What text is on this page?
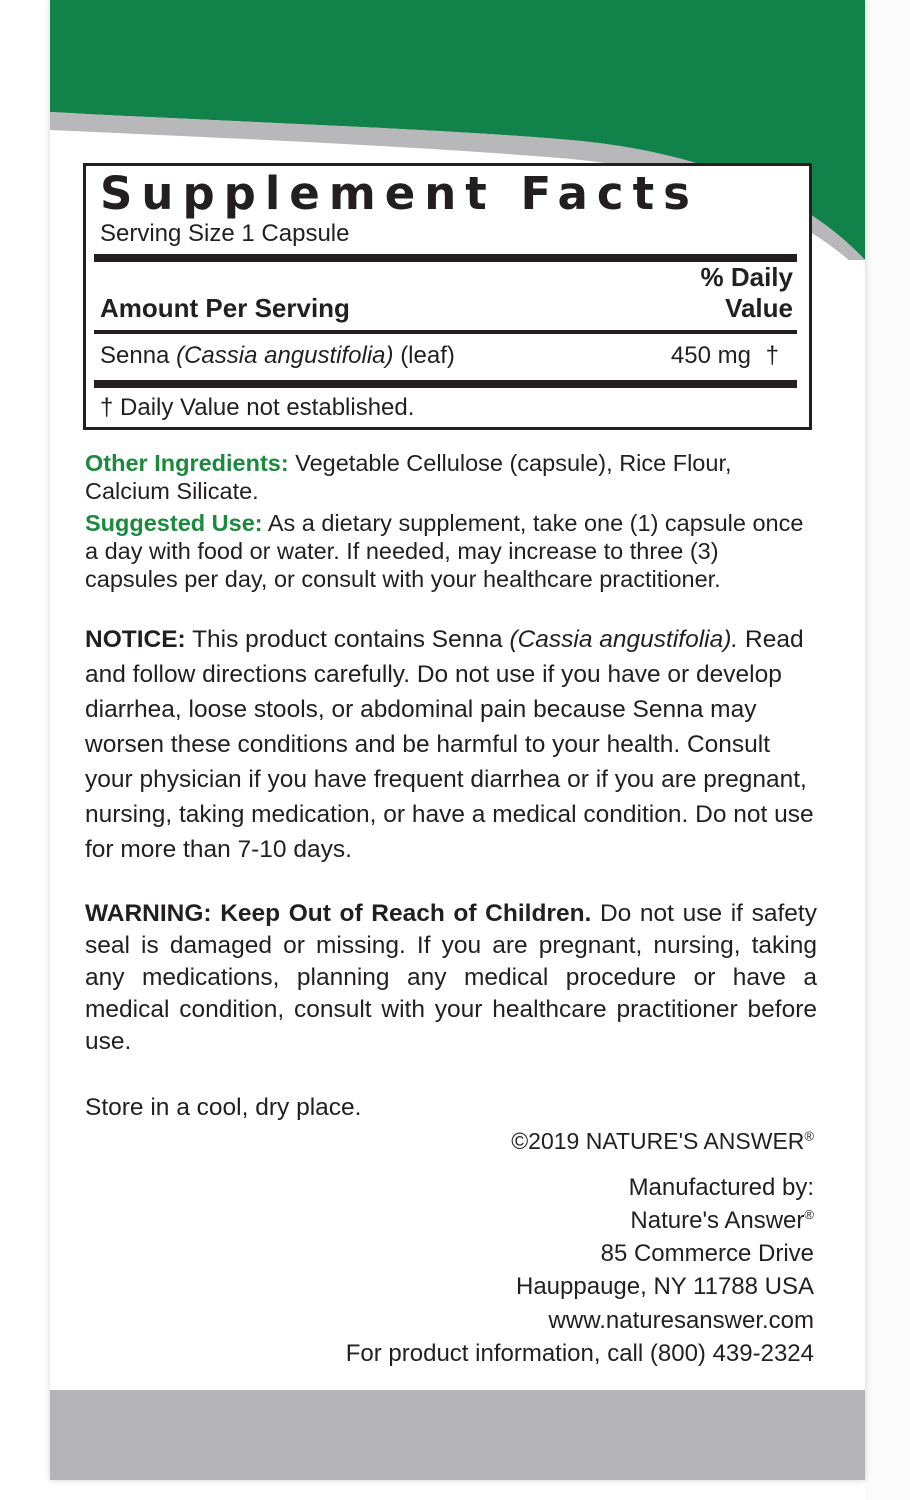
Supplement Facts
Serving Size 1 Capsule
% Daily Value
Amount Per Serving
Senna (Cassia angustifolia) (leaf)	450 mg †
† Daily Value not established.
Other Ingredients: Vegetable Cellulose (capsule), Rice Flour, Calcium Silicate.
Suggested Use: As a dietary supplement, take one (1) capsule once a day with food or water. If needed, may increase to three (3) capsules per day, or consult with your healthcare practitioner.
NOTICE: This product contains Senna (Cassia angustifolia). Read and follow directions carefully. Do not use if you have or develop diarrhea, loose stools, or abdominal pain because Senna may worsen these conditions and be harmful to your health. Consult your physician if you have frequent diarrhea or if you are pregnant, nursing, taking medication, or have a medical condition. Do not use for more than 7-10 days.
WARNING: Keep Out of Reach of Children. Do not use if safety seal is damaged or missing. If you are pregnant, nursing, taking any medications, planning any medical procedure or have a medical condition, consult with your healthcare practitioner before use.
Store in a cool, dry place.
©2019 NATURE'S ANSWER®
Manufactured by:
Nature's Answer®
85 Commerce Drive
Hauppauge, NY 11788 USA
www.naturesanswer.com
For product information, call (800) 439-2324
